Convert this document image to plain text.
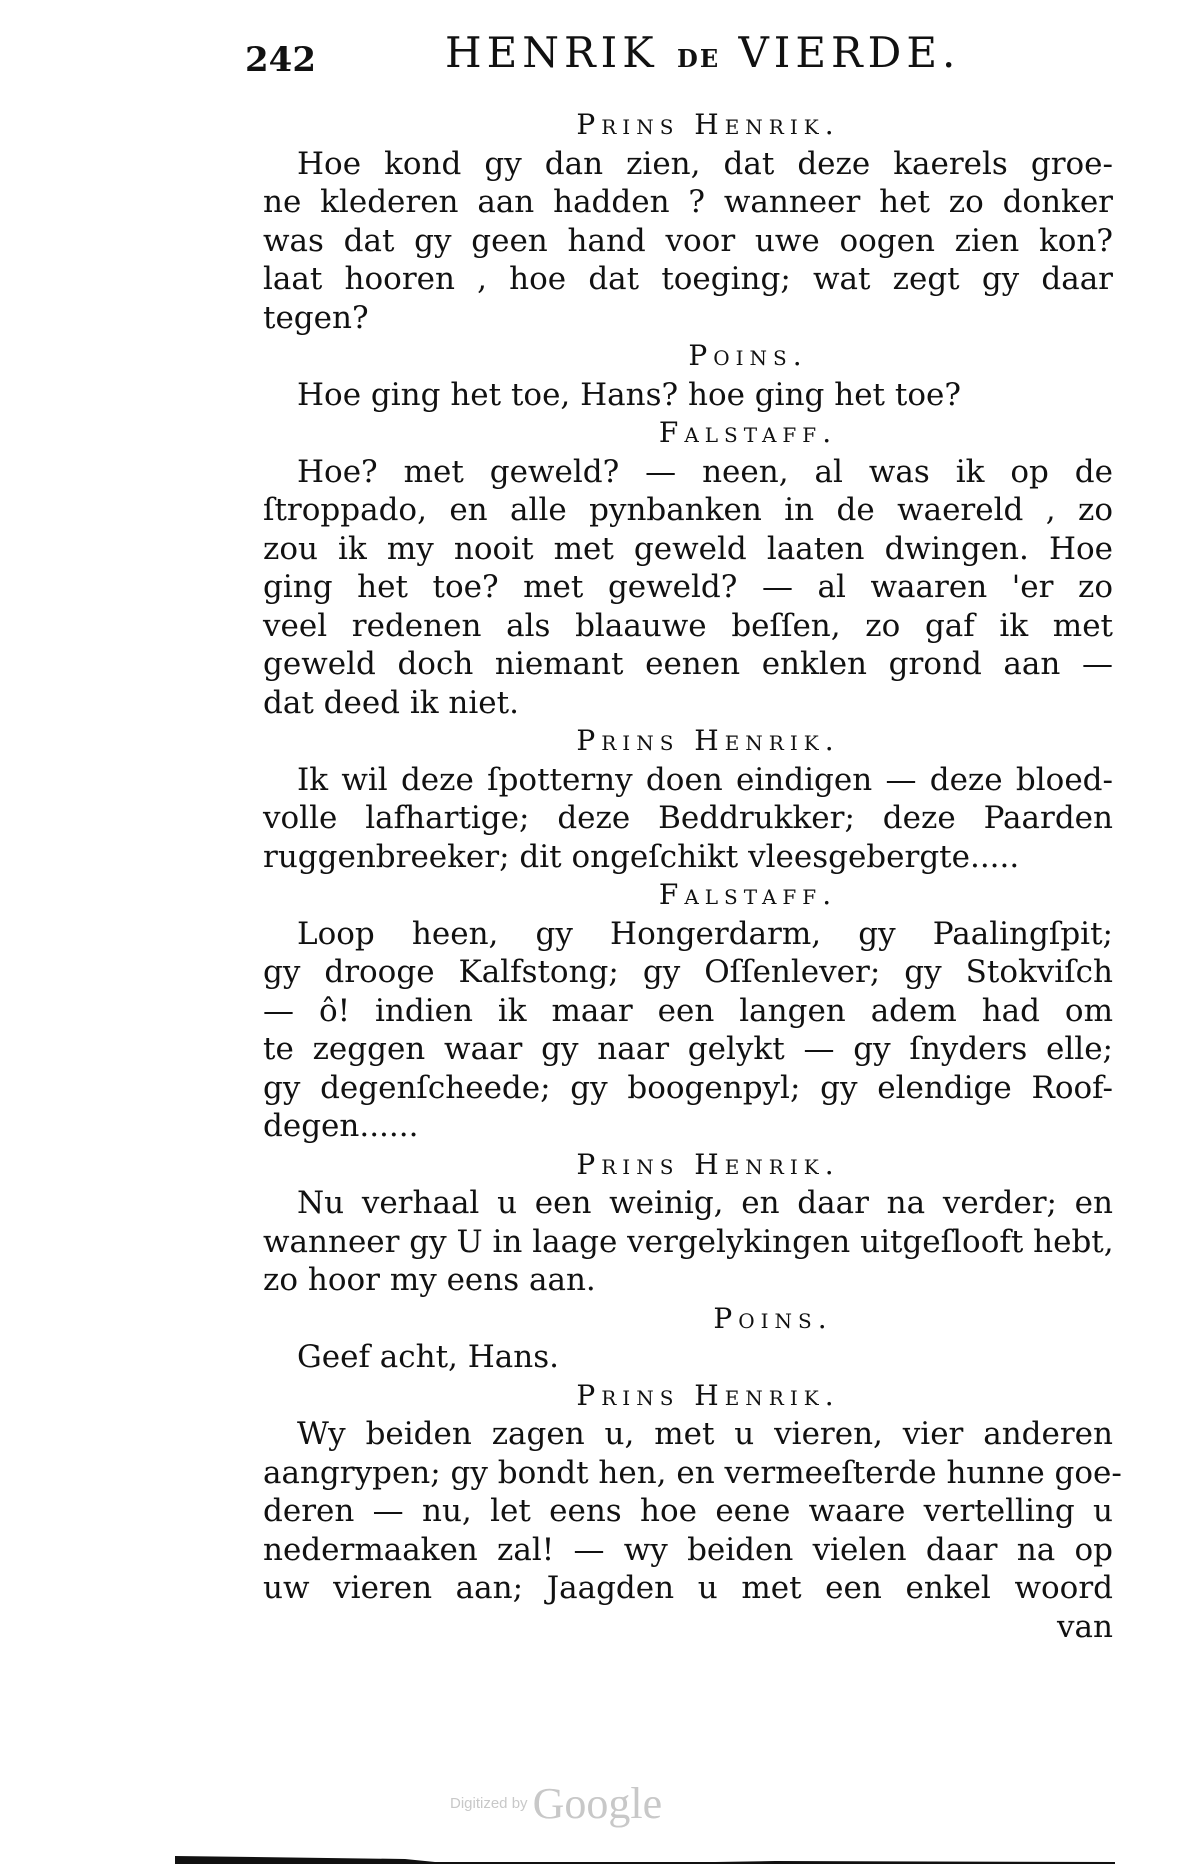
242	HENRIK DE VIERDE.
Prins Henrik.
Hoe kond gy dan zien, dat deze kaerels groe-
ne klederen aan hadden ? wanneer het zo donker
was dat gy geen hand voor uwe oogen zien kon?
laat hooren , hoe dat toeging; wat zegt gy daar
tegen?
Poins.
Hoe ging het toe, Hans? hoe ging het toe?
Falstaff.
Hoe? met geweld? — neen, al was ik op de
ſtroppado, en alle pynbanken in de waereld , zo
zou ik my nooit met geweld laaten dwingen. Hoe
ging het toe? met geweld? — al waaren 'er zo
veel redenen als blaauwe beſſen, zo gaf ik met
geweld doch niemant eenen enklen grond aan —
dat deed ik niet.
Prins Henrik.
Ik wil deze ſpotterny doen eindigen — deze bloed-
volle lafhartige; deze Beddrukker; deze Paarden
ruggenbreeker; dit ongeſchikt vleesgebergte.....
Falstaff.
Loop heen, gy Hongerdarm, gy Paalingſpit;
gy drooge Kalfstong; gy Oſſenlever; gy Stokviſch
— ô! indien ik maar een langen adem had om
te zeggen waar gy naar gelykt — gy ſnyders elle;
gy degenſcheede; gy boogenpyl; gy elendige Roof-
degen......
Prins Henrik.
Nu verhaal u een weinig, en daar na verder; en
wanneer gy U in laage vergelykingen uitgeſlooft hebt,
zo hoor my eens aan.
Poins.
Geef acht, Hans.
Prins Henrik.
Wy beiden zagen u, met u vieren, vier anderen
aangrypen; gy bondt hen, en vermeeſterde hunne goe-
deren — nu, let eens hoe eene waare vertelling u
nedermaaken zal! — wy beiden vielen daar na op
uw vieren aan; Jaagden u met een enkel woord
van
Digitized by Google
